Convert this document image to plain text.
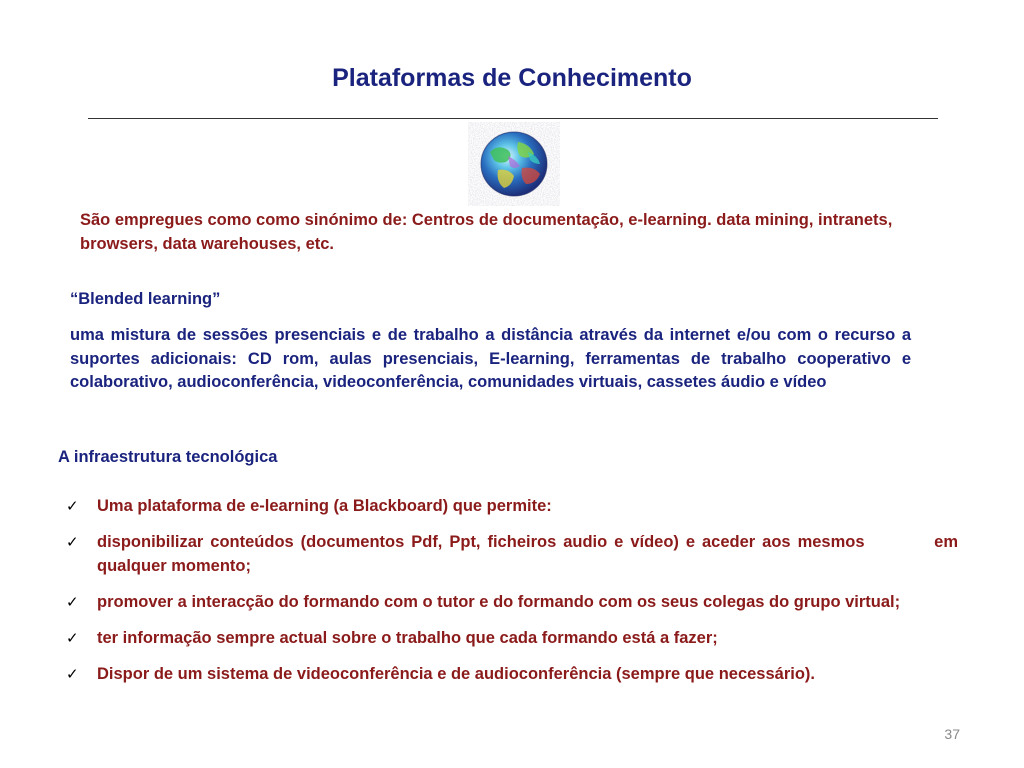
Plataformas de Conhecimento
São empregues como como sinónimo de: Centros de documentação, e-learning. data mining, intranets, browsers, data warehouses, etc.
“Blended learning”
uma mistura de sessões presenciais e de trabalho a distância através da internet e/ou com o recurso a suportes adicionais: CD rom, aulas presenciais, E-learning, ferramentas de trabalho cooperativo e colaborativo, audioconferência, videoconferência, comunidades virtuais, cassetes áudio e vídeo
A infraestrutura tecnológica
✓ Uma plataforma de e-learning (a Blackboard) que permite:
✓ disponibilizar conteúdos (documentos Pdf, Ppt, ficheiros audio e vídeo) e aceder aos mesmos          em qualquer momento;
✓ promover a interacção do formando com o tutor e do formando com os seus colegas do grupo virtual;
✓ ter informação sempre actual sobre o trabalho que cada formando está a fazer;
✓ Dispor de um sistema de videoconferência e de audioconferência (sempre que necessário).
37
